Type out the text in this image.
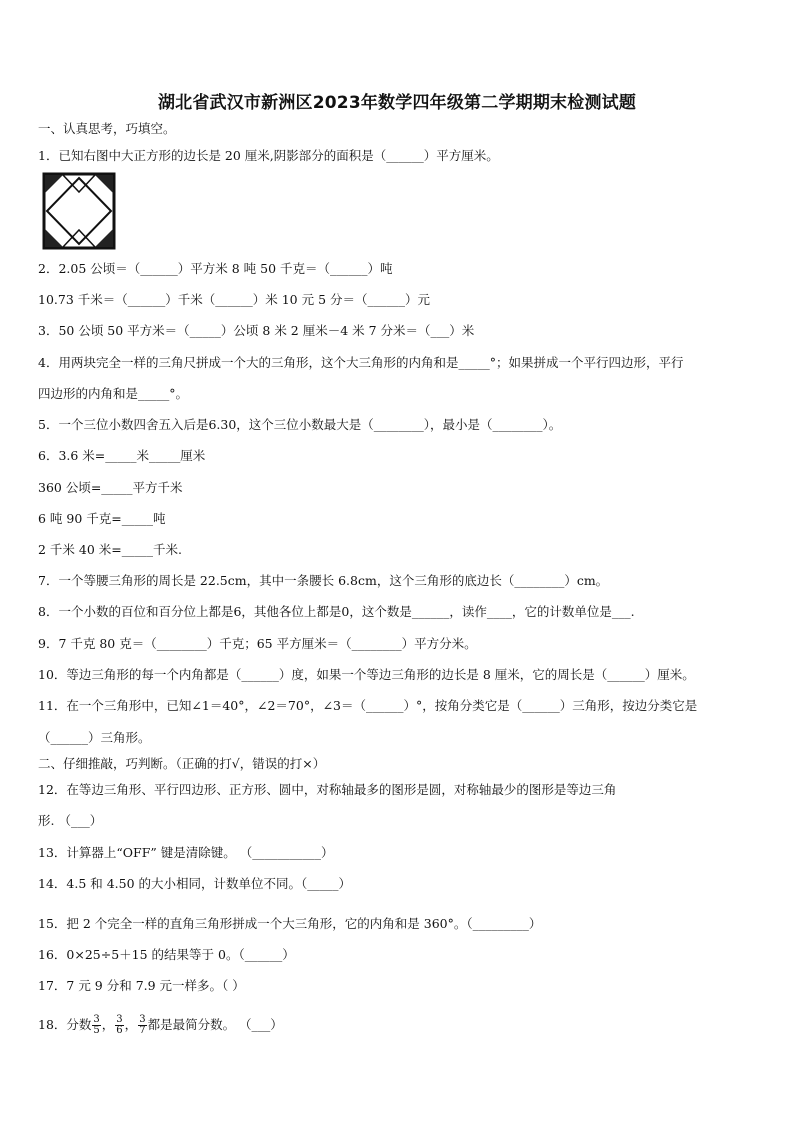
湖北省武汉市新洲区2023年数学四年级第二学期期末检测试题
一、认真思考，巧填空。
1．已知右图中大正方形的边长是 20 厘米,阴影部分的面积是（______）平方厘米。
2．2.05 公顷＝（______）平方米 8 吨 50 千克＝（______）吨
10.73 千米＝（______）千米（______）米 10 元 5 分＝（______）元
3．50 公顷 50 平方米＝（_____）公顷 8 米 2 厘米－4 米 7 分米＝（___）米
4．用两块完全一样的三角尺拼成一个大的三角形，这个大三角形的内角和是_____°；如果拼成一个平行四边形，平行
四边形的内角和是_____°。
5．一个三位小数四舍五入后是6.30，这个三位小数最大是（________），最小是（________）。
6．3.6 米=_____米_____厘米
360 公顷=_____平方千米
6 吨 90 千克=_____吨
2 千米 40 米=_____千米.
7．一个等腰三角形的周长是 22.5cm，其中一条腰长 6.8cm，这个三角形的底边长（________）cm。
8．一个小数的百位和百分位上都是6，其他各位上都是0，这个数是______，读作____，它的计数单位是___.
9．7 千克 80 克＝（________）千克；65 平方厘米＝（________）平方分米。
10．等边三角形的每一个内角都是（______）度，如果一个等边三角形的边长是 8 厘米，它的周长是（______）厘米。
11．在一个三角形中，已知∠1＝40°，∠2＝70°，∠3＝（______）°，按角分类它是（______）三角形，按边分类它是
（______）三角形。
二、仔细推敲，巧判断。（正确的打√，错误的打×）
12．在等边三角形、平行四边形、正方形、圆中，对称轴最多的图形是圆，对称轴最少的图形是等边三角
形. （___）
13．计算器上“OFF” 键是清除键。 （___________）
14．4.5 和 4.50 的大小相同，计数单位不同。（_____）
15．把 2 个完全一样的直角三角形拼成一个大三角形，它的内角和是 360°。（_________）
16．0×25÷5＋15 的结果等于 0。（______）
17．7 元 9 分和 7.9 元一样多。（ ）
18．分数 $\frac{3}{5}$ ， $\frac{3}{6}$ ， $\frac{3}{7}$ 都是最简分数。 （___）
